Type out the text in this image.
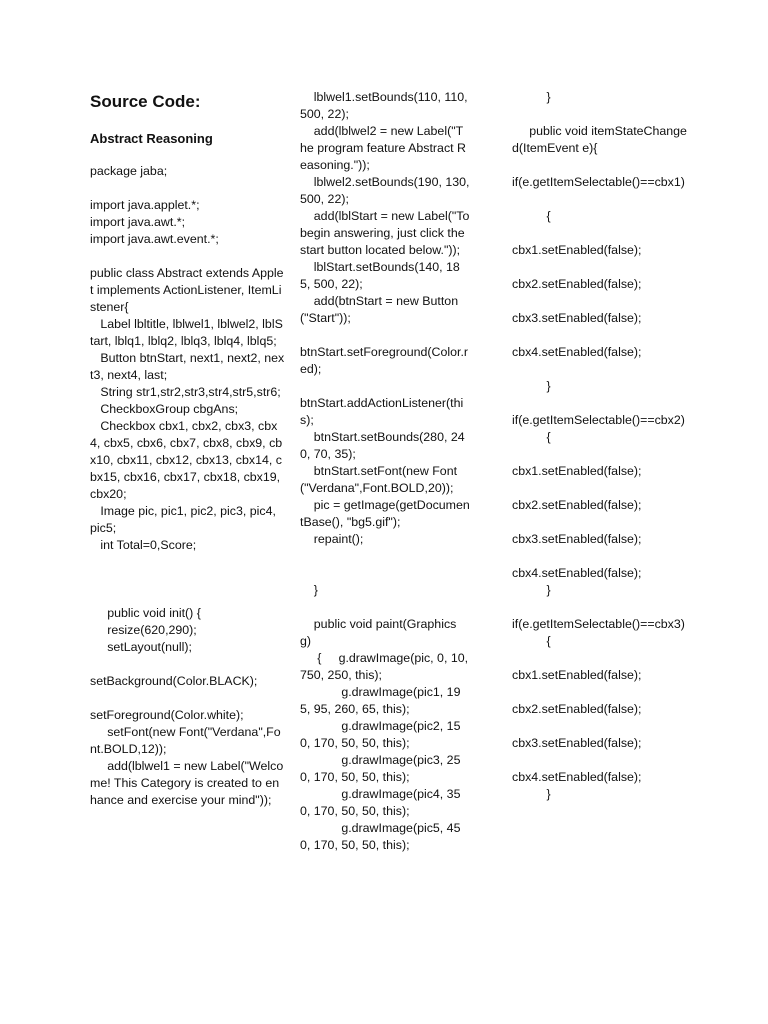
Source Code:
Abstract Reasoning
package jaba;

import java.applet.*;
import java.awt.*;
import java.awt.event.*;

public class Abstract extends Applet implements ActionListener, ItemListener{
Label lbltitle, lblwel1, lblwel2, lblStart, lblq1, lblq2, lblq3, lblq4, lblq5;
Button btnStart, next1, next2, next3, next4, last;
String str1,str2,str3,str4,str5,str6;
CheckboxGroup cbgAns;
Checkbox cbx1, cbx2, cbx3, cbx4, cbx5, cbx6, cbx7, cbx8, cbx9, cbx10, cbx11, cbx12, cbx13, cbx14, cbx15, cbx16, cbx17, cbx18, cbx19, cbx20;
Image pic, pic1, pic2, pic3, pic4, pic5;
int Total=0,Score;

public void init() {
resize(620,290);
setLayout(null);

setBackground(Color.BLACK);

setForeground(Color.white);
setFont(new Font("Verdana",Font.BOLD,12));
add(lblwel1 = new Label("Welcome! This Category is created to enhance and exercise your mind"));
lblwel1.setBounds(110, 110, 500, 22);
add(lblwel2 = new Label("The program feature Abstract Reasoning."));
lblwel2.setBounds(190, 130, 500, 22);
add(lblStart = new Label("To begin answering, just click the start button located below."));
lblStart.setBounds(140, 185, 500, 22);
add(btnStart = new Button("Start"));

btnStart.setForeground(Color.red);

btnStart.addActionListener(this);
btnStart.setBounds(280, 240, 70, 35);
btnStart.setFont(new Font("Verdana",Font.BOLD,20));
pic = getImage(getDocumentBase(), "bg5.gif");
repaint();

}

public void paint(Graphics g)
{     g.drawImage(pic, 0, 10, 750, 250, this);
g.drawImage(pic1, 195, 95, 260, 65, this);
g.drawImage(pic2, 150, 170, 50, 50, this);
g.drawImage(pic3, 250, 170, 50, 50, this);
g.drawImage(pic4, 350, 170, 50, 50, this);
g.drawImage(pic5, 450, 170, 50, 50, this);
}

public void itemStateChanged(ItemEvent e){

if(e.getItemSelectable()==cbx1)

{

cbx1.setEnabled(false);

cbx2.setEnabled(false);

cbx3.setEnabled(false);

cbx4.setEnabled(false);

}

if(e.getItemSelectable()==cbx2)
{

cbx1.setEnabled(false);

cbx2.setEnabled(false);

cbx3.setEnabled(false);

cbx4.setEnabled(false);
}

if(e.getItemSelectable()==cbx3)
{

cbx1.setEnabled(false);

cbx2.setEnabled(false);

cbx3.setEnabled(false);

cbx4.setEnabled(false);
}
